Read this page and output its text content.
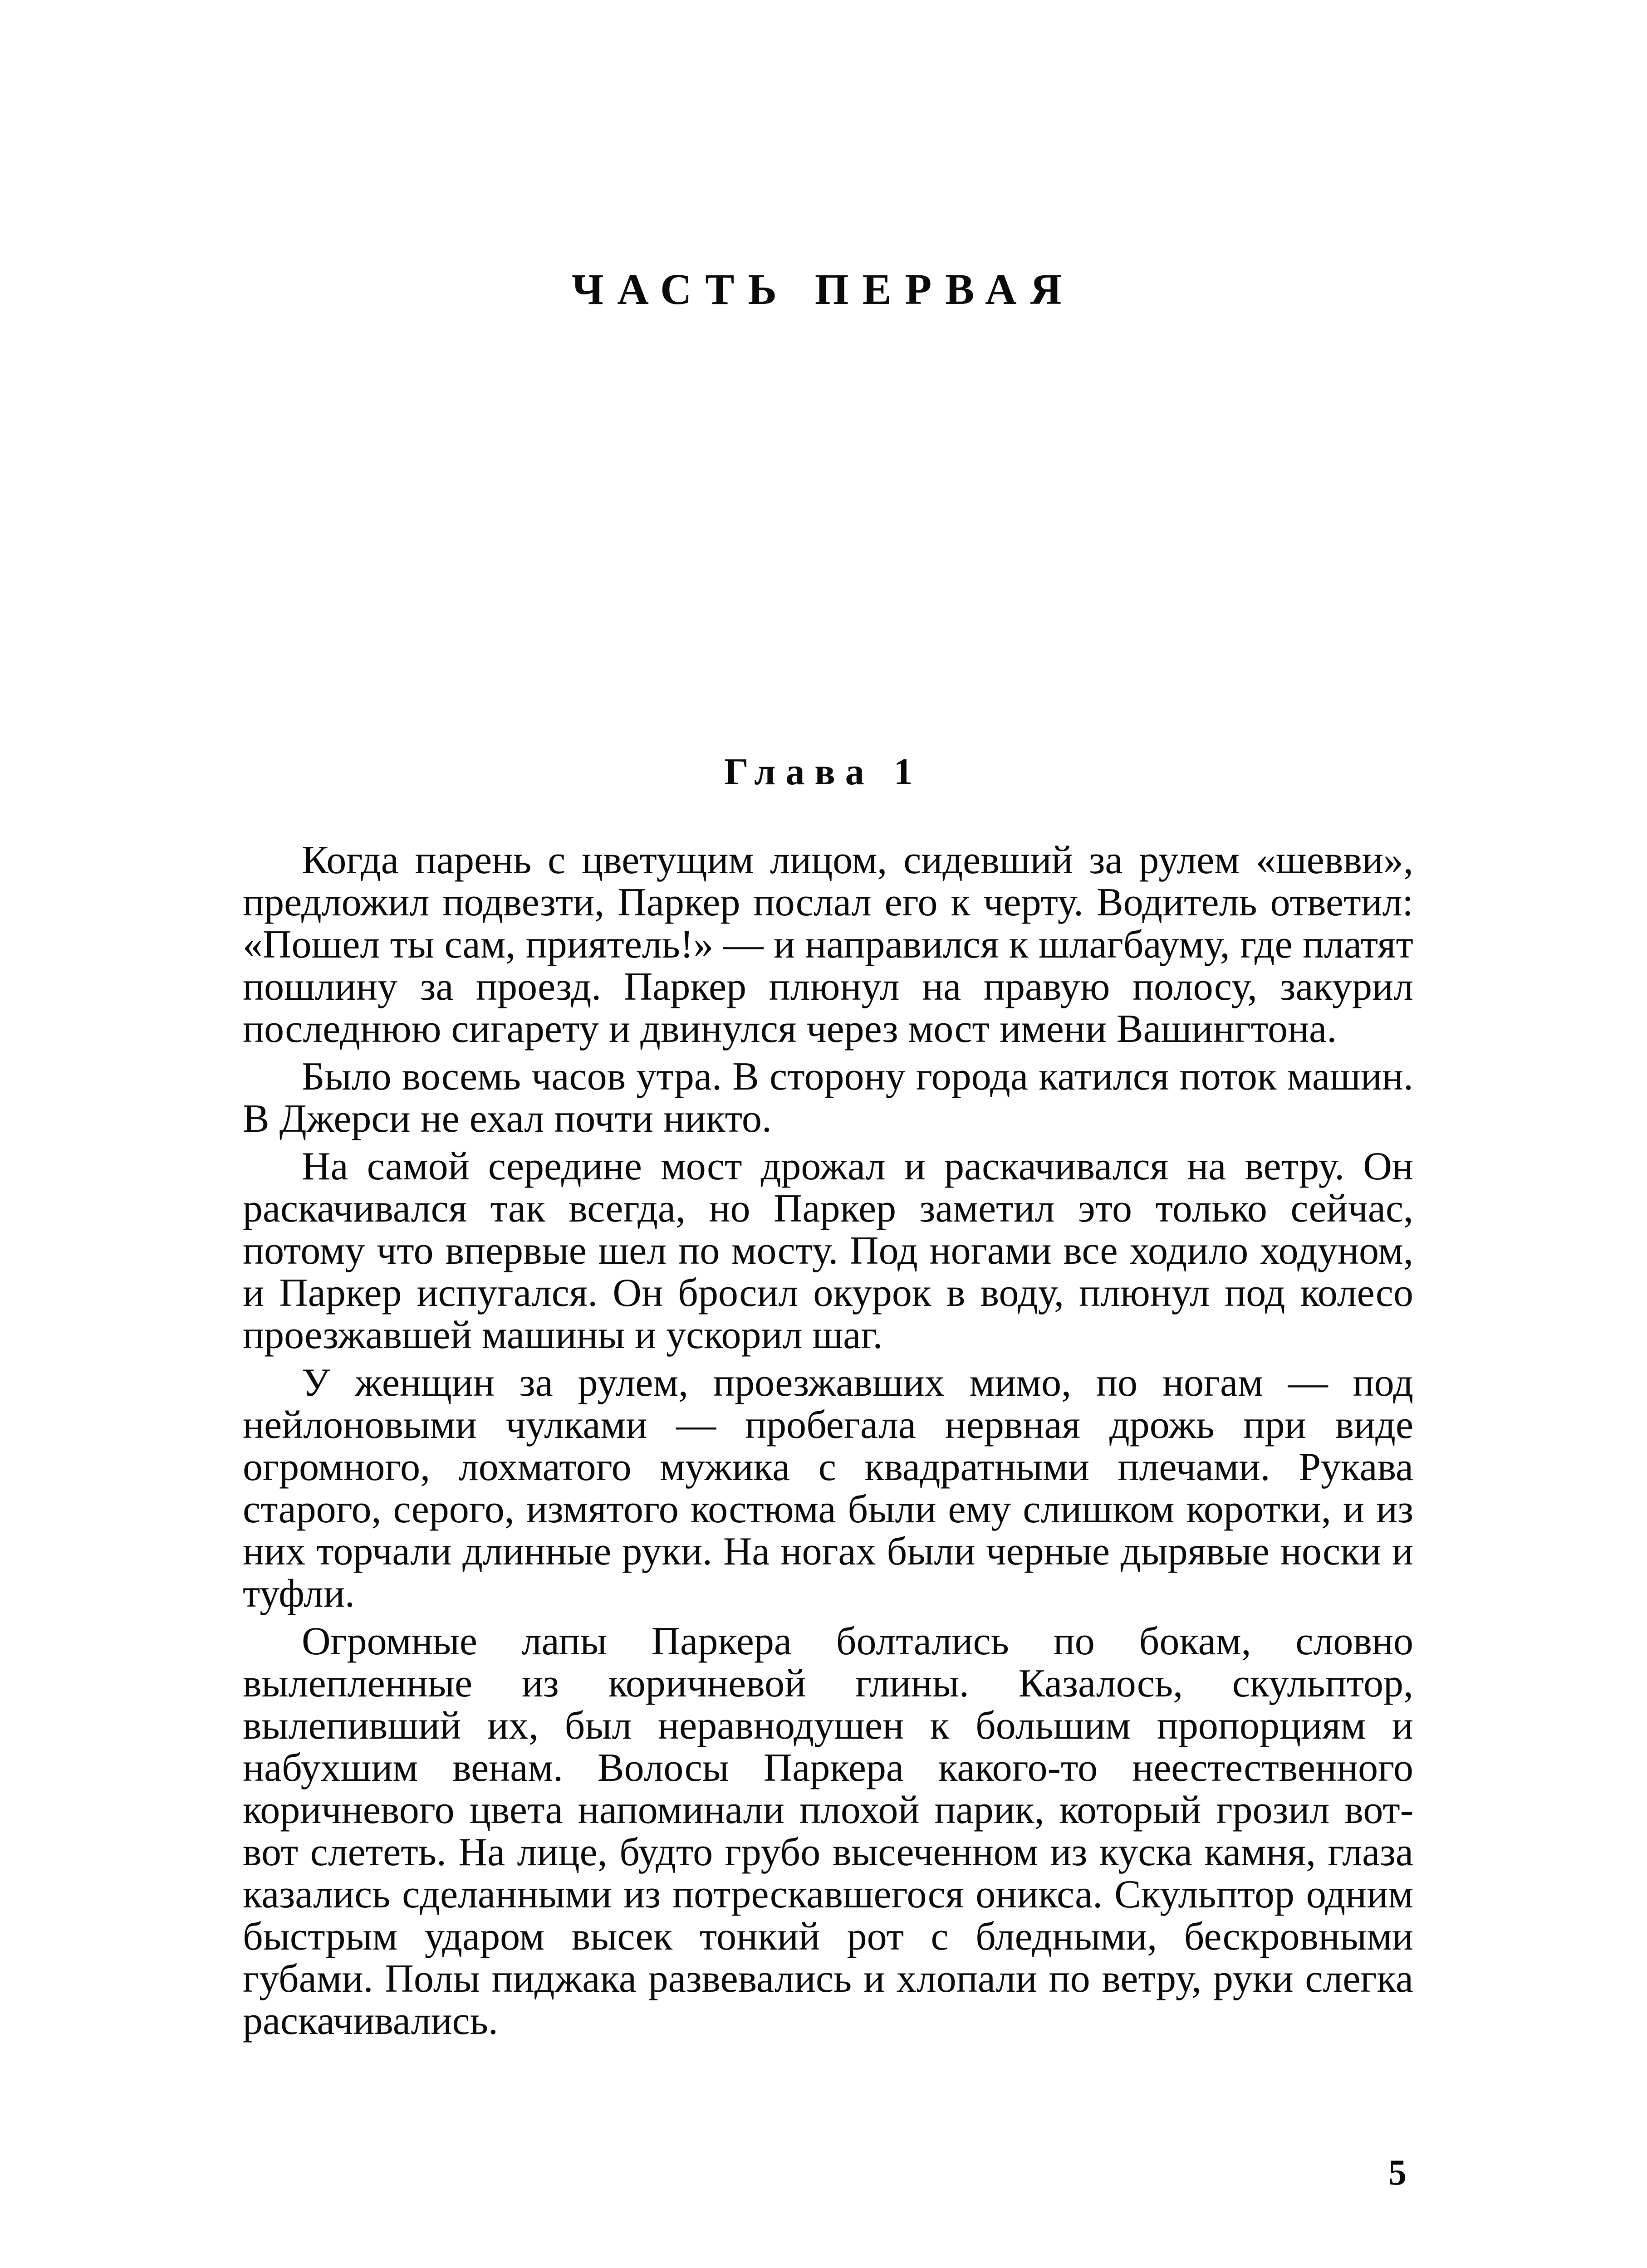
ЧАСТЬ ПЕРВАЯ
Глава 1

Когда парень с цветущим лицом, сидевший за рулем «шевви», предложил подвезти, Паркер послал его к черту. Водитель ответил: «Пошел ты сам, приятель!» — и направился к шлагбауму, где платят пошлину за проезд. Паркер плюнул на правую полосу, закурил последнюю сигарету и двинулся через мост имени Вашингтона.

Было восемь часов утра. В сторону города катился поток машин. В Джерси не ехал почти никто.

На самой середине мост дрожал и раскачивался на ветру. Он раскачивался так всегда, но Паркер заметил это только сейчас, потому что впервые шел по мосту. Под ногами все ходило ходуном, и Паркер испугался. Он бросил окурок в воду, плюнул под колесо проезжавшей машины и ускорил шаг.

У женщин за рулем, проезжавших мимо, по ногам — под нейлоновыми чулками — пробегала нервная дрожь при виде огромного, лохматого мужика с квадратными плечами. Рукава старого, серого, измятого костюма были ему слишком коротки, и из них торчали длинные руки. На ногах были черные дырявые носки и туфли.

Огромные лапы Паркера болтались по бокам, словно вылепленные из коричневой глины. Казалось, скульптор, вылепивший их, был неравнодушен к большим пропорциям и набухшим венам. Волосы Паркера какого-то неестественного коричневого цвета напоминали плохой парик, который грозил вот-вот слететь. На лице, будто грубо высеченном из куска камня, глаза казались сделанными из потрескавшегося оникса. Скульптор одним быстрым ударом высек тонкий рот с бледными, бескровными губами. Полы пиджака развевались и хлопали по ветру, руки слегка раскачивались.

5
